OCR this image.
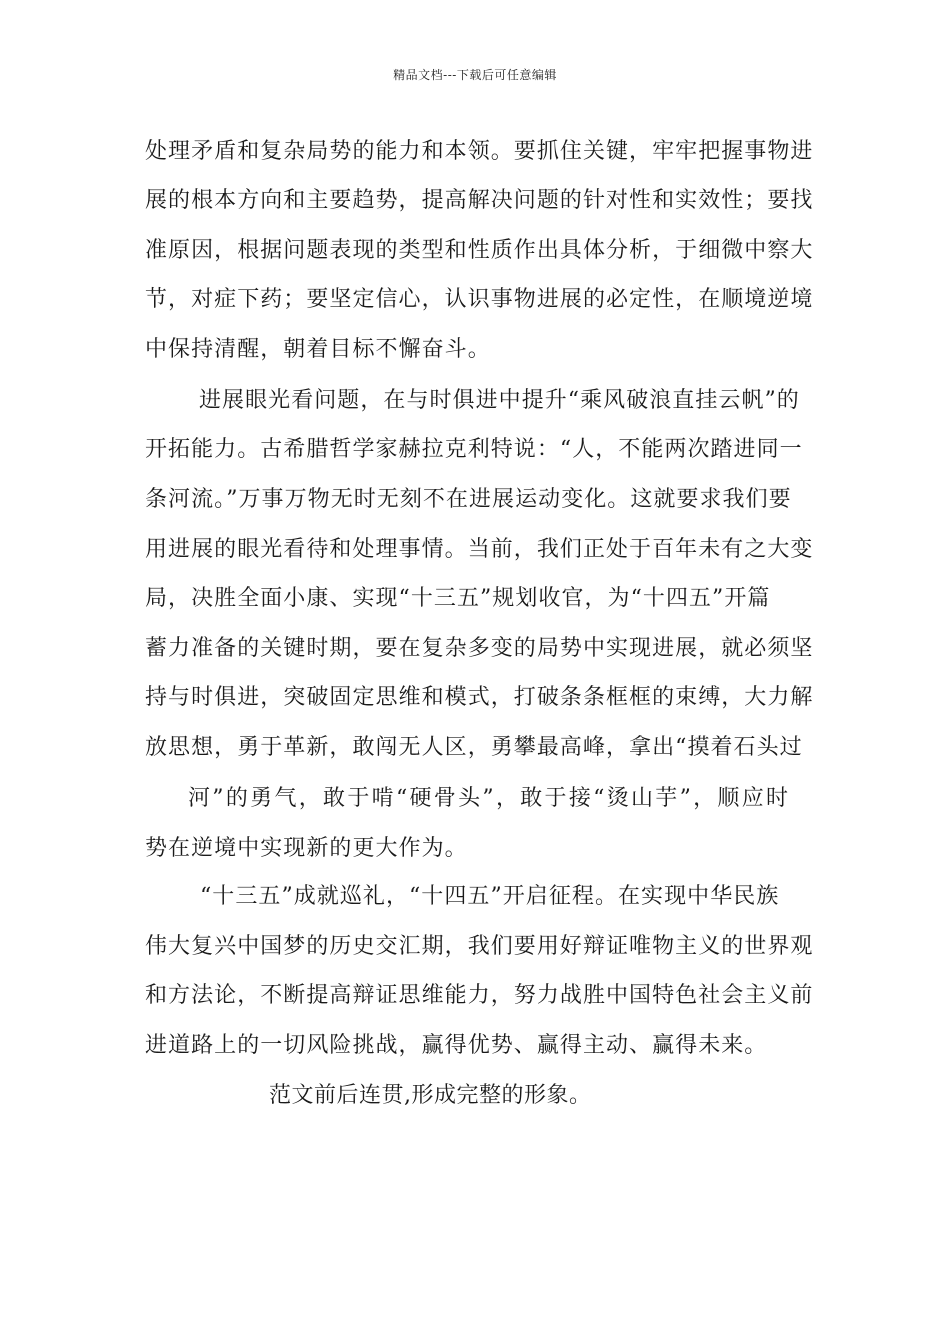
精品文档---下载后可任意编辑
处理矛盾和复杂局势的能力和本领。要抓住关键，牢牢把握事物进
展的根本方向和主要趋势，提高解决问题的针对性和实效性；要找
准原因，根据问题表现的类型和性质作出具体分析，于细微中察大
节，对症下药；要坚定信心，认识事物进展的必定性，在顺境逆境
中保持清醒，朝着目标不懈奋斗。
进展眼光看问题，在与时俱进中提升“乘风破浪直挂云帆”的
开拓能力。古希腊哲学家赫拉克利特说：“人，不能两次踏进同一
条河流。”万事万物无时无刻不在进展运动变化。这就要求我们要
用进展的眼光看待和处理事情。当前，我们正处于百年未有之大变
局，决胜全面小康、实现“十三五”规划收官，为“十四五”开篇
蓄力准备的关键时期，要在复杂多变的局势中实现进展，就必须坚
持与时俱进，突破固定思维和模式，打破条条框框的束缚，大力解
放思想，勇于革新，敢闯无人区，勇攀最高峰，拿出“摸着石头过
河”的勇气，敢于啃“硬骨头”，敢于接“烫山芋”，顺应时
势在逆境中实现新的更大作为。
“十三五”成就巡礼，“十四五”开启征程。在实现中华民族
伟大复兴中国梦的历史交汇期，我们要用好辩证唯物主义的世界观
和方法论，不断提高辩证思维能力，努力战胜中国特色社会主义前
进道路上的一切风险挑战，赢得优势、赢得主动、赢得未来。
范文前后连贯,形成完整的形象。
